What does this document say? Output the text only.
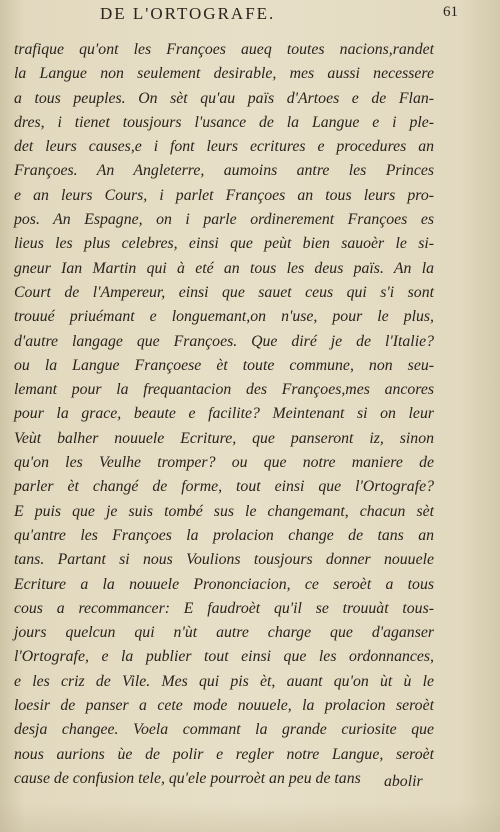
DE L'ORTOGRAFE.	61
trafique qu'ont les Françoes aueq toutes nacions,randet
la Langue non seulement desirable, mes aussi necessere
a tous peuples. On sèt qu'au païs d'Artoes e de Flan-
dres, i tienet tousjours l'usance de la Langue e i ple-
det leurs causes,e i font leurs ecritures e procedures an
Françoes. An Angleterre, aumoins antre les Princes
e an leurs Cours, i parlet Françoes an tous leurs pro-
pos. An Espagne, on i parle ordinerement Françoes es
lieus les plus celebres, einsi que peùt bien sauoèr le si-
gneur Ian Martin qui à eté an tous les deus païs. An la
Court de l'Ampereur, einsi que sauet ceus qui s'i sont
trouué priuémant e longuemant,on n'use, pour le plus,
d'autre langage que Françoes. Que diré je de l'Italie?
ou la Langue Françoese èt toute commune, non seu-
lemant pour la frequantacion des Françoes,mes ancores
pour la grace, beaute e facilite? Meintenant si on leur
Veùt balher nouuele Ecriture, que panseront iz, sinon
qu'on les Veulhe tromper? ou que notre maniere de
parler èt changé de forme, tout einsi que l'Ortografe?
E puis que je suis tombé sus le changemant, chacun sèt
qu'antre les Françoes la prolacion change de tans an
tans. Partant si nous Voulions tousjours donner nouuele
Ecriture a la nouuele Prononciacion, ce seroèt a tous
cous a recommancer: E faudroèt qu'il se trouuàt tous-
jours quelcun qui n'ùt autre charge que d'aganser
l'Ortografe, e la publier tout einsi que les ordonnances,
e les criz de Vile. Mes qui pis èt, auant qu'on ùt ù le
loesir de panser a cete mode nouuele, la prolacion seroèt
desja changee. Voela commant la grande curiosite que
nous aurions ùe de polir e regler notre Langue, seroèt
cause de confusion tele, qu'ele pourroèt an peu de tans	abolir
